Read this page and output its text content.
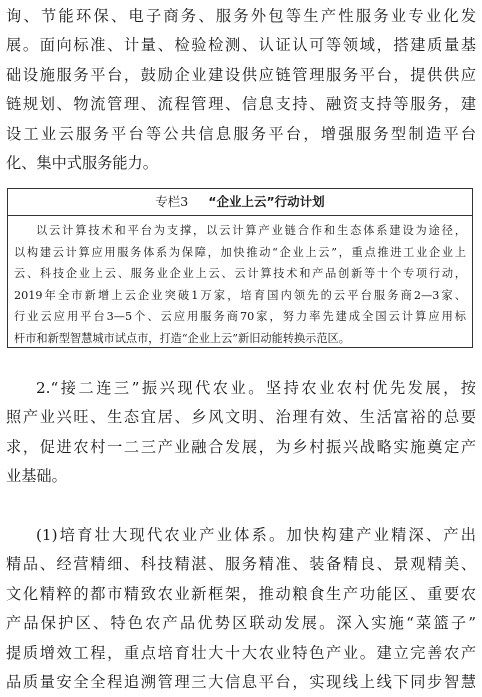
询、节能环保、电子商务、服务外包等生产性服务业专业化发
展。面向标准、计量、检验检测、认证认可等领域，搭建质量基
础设施服务平台，鼓励企业建设供应链管理服务平台，提供供应
链规划、物流管理、流程管理、信息支持、融资支持等服务，建
设工业云服务平台等公共信息服务平台，增强服务型制造平台
化、集中式服务能力。
专栏3 “企业上云”行动计划
以云计算技术和平台为支撑，以云计算产业链合作和生态体系建设为途径，
以构建云计算应用服务体系为保障，加快推动“企业上云”，重点推进工业企业上
云、科技企业上云、服务业企业上云、云计算技术和产品创新等十个专项行动，
2019年全市新增上云企业突破1万家，培育国内领先的云平台服务商2—3家、
行业云应用平台3—5个、云应用服务商70家，努力率先建成全国云计算应用标
杆市和新型智慧城市试点市，打造“企业上云”新旧动能转换示范区。
2.“接二连三”振兴现代农业。坚持农业农村优先发展，按
照产业兴旺、生态宜居、乡风文明、治理有效、生活富裕的总要
求，促进农村一二三产业融合发展，为乡村振兴战略实施奠定产
业基础。
(1)培育壮大现代农业产业体系。加快构建产业精深、产出
精品、经营精细、科技精湛、服务精准、装备精良、景观精美、
文化精粹的都市精致农业新框架，推动粮食生产功能区、重要农
产品保护区、特色农产品优势区联动发展。深入实施“菜篮子”
提质增效工程，重点培育壮大十大农业特色产业。建立完善农产
品质量安全全程追溯管理三大信息平台，实现线上线下同步智慧
